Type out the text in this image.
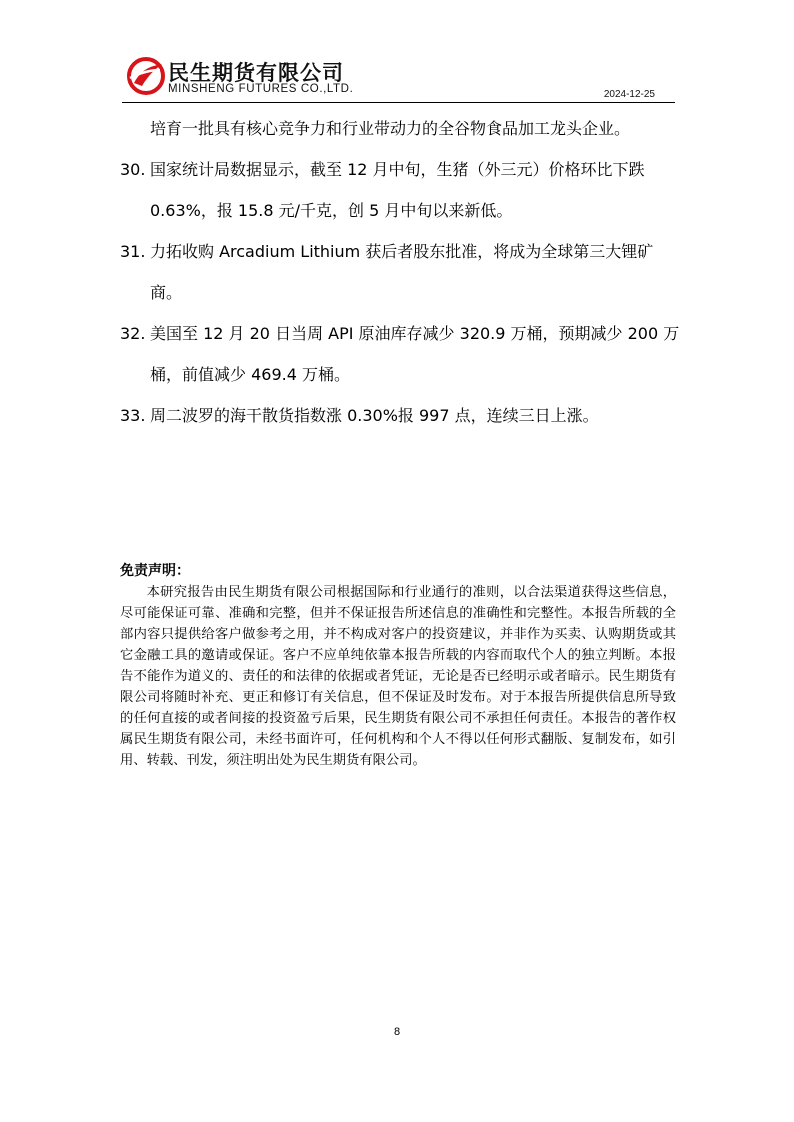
民生期货有限公司
MINSHENG FUTURES CO.,LTD.	2024-12-25

培育一批具有核心竞争力和行业带动力的全谷物食品加工龙头企业。

30. 国家统计局数据显示，截至 12 月中旬，生猪（外三元）价格环比下跌 0.63%，报 15.8 元/千克，创 5 月中旬以来新低。

31. 力拓收购 Arcadium Lithium 获后者股东批准，将成为全球第三大锂矿商。

32. 美国至 12 月 20 日当周 API 原油库存减少 320.9 万桶，预期减少 200 万桶，前值减少 469.4 万桶。

33. 周二波罗的海干散货指数涨 0.30%报 997 点，连续三日上涨。

免责声明：

本研究报告由民生期货有限公司根据国际和行业通行的准则，以合法渠道获得这些信息，尽可能保证可靠、准确和完整，但并不保证报告所述信息的准确性和完整性。本报告所载的全部内容只提供给客户做参考之用，并不构成对客户的投资建议，并非作为买卖、认购期货或其它金融工具的邀请或保证。客户不应单纯依靠本报告所载的内容而取代个人的独立判断。本报告不能作为道义的、责任的和法律的依据或者凭证，无论是否已经明示或者暗示。民生期货有限公司将随时补充、更正和修订有关信息，但不保证及时发布。对于本报告所提供信息所导致的任何直接的或者间接的投资盈亏后果，民生期货有限公司不承担任何责任。本报告的著作权属民生期货有限公司，未经书面许可，任何机构和个人不得以任何形式翻版、复制发布，如引用、转载、刊发，须注明出处为民生期货有限公司。

8
